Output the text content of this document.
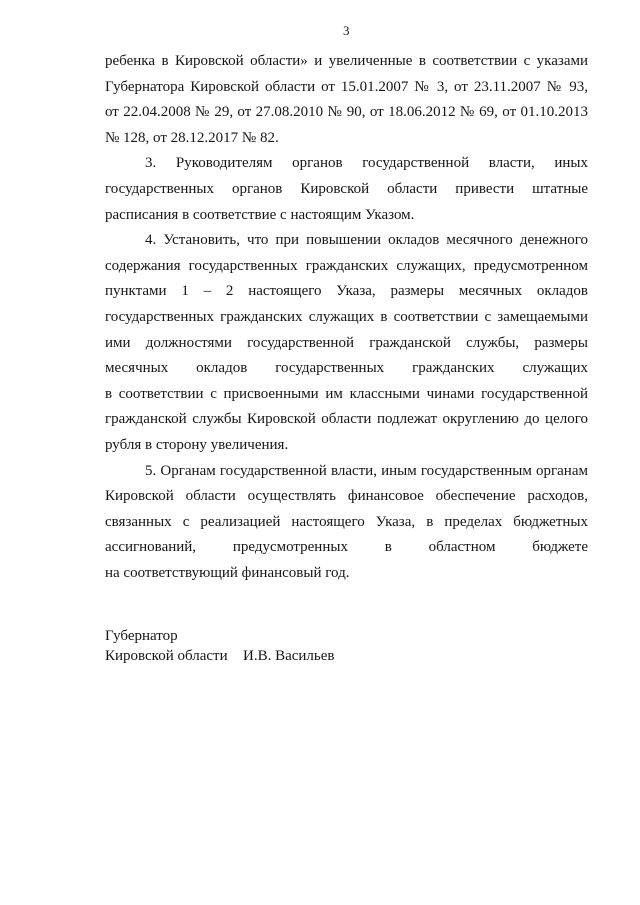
3
ребенка в Кировской области» и увеличенные в соответствии с указами
Губернатора Кировской области от 15.01.2007 № 3, от 23.11.2007 № 93,
от 22.04.2008 № 29, от 27.08.2010 № 90, от 18.06.2012 № 69, от 01.10.2013
№ 128, от 28.12.2017 № 82.
3. Руководителям органов государственной власти, иных
государственных органов Кировской области привести штатные
расписания в соответствие с настоящим Указом.
4. Установить, что при повышении окладов месячного денежного
содержания государственных гражданских служащих, предусмотренном
пунктами 1 – 2 настоящего Указа, размеры месячных окладов
государственных гражданских служащих в соответствии с замещаемыми
ими должностями государственной гражданской службы, размеры
месячных окладов государственных гражданских служащих
в соответствии с присвоенными им классными чинами государственной
гражданской службы Кировской области подлежат округлению до целого
рубля в сторону увеличения.
5. Органам государственной власти, иным государственным органам
Кировской области осуществлять финансовое обеспечение расходов,
связанных с реализацией настоящего Указа, в пределах бюджетных
ассигнований, предусмотренных в областном бюджете
на соответствующий финансовый год.
Губернатор
Кировской области И.В. Васильев
